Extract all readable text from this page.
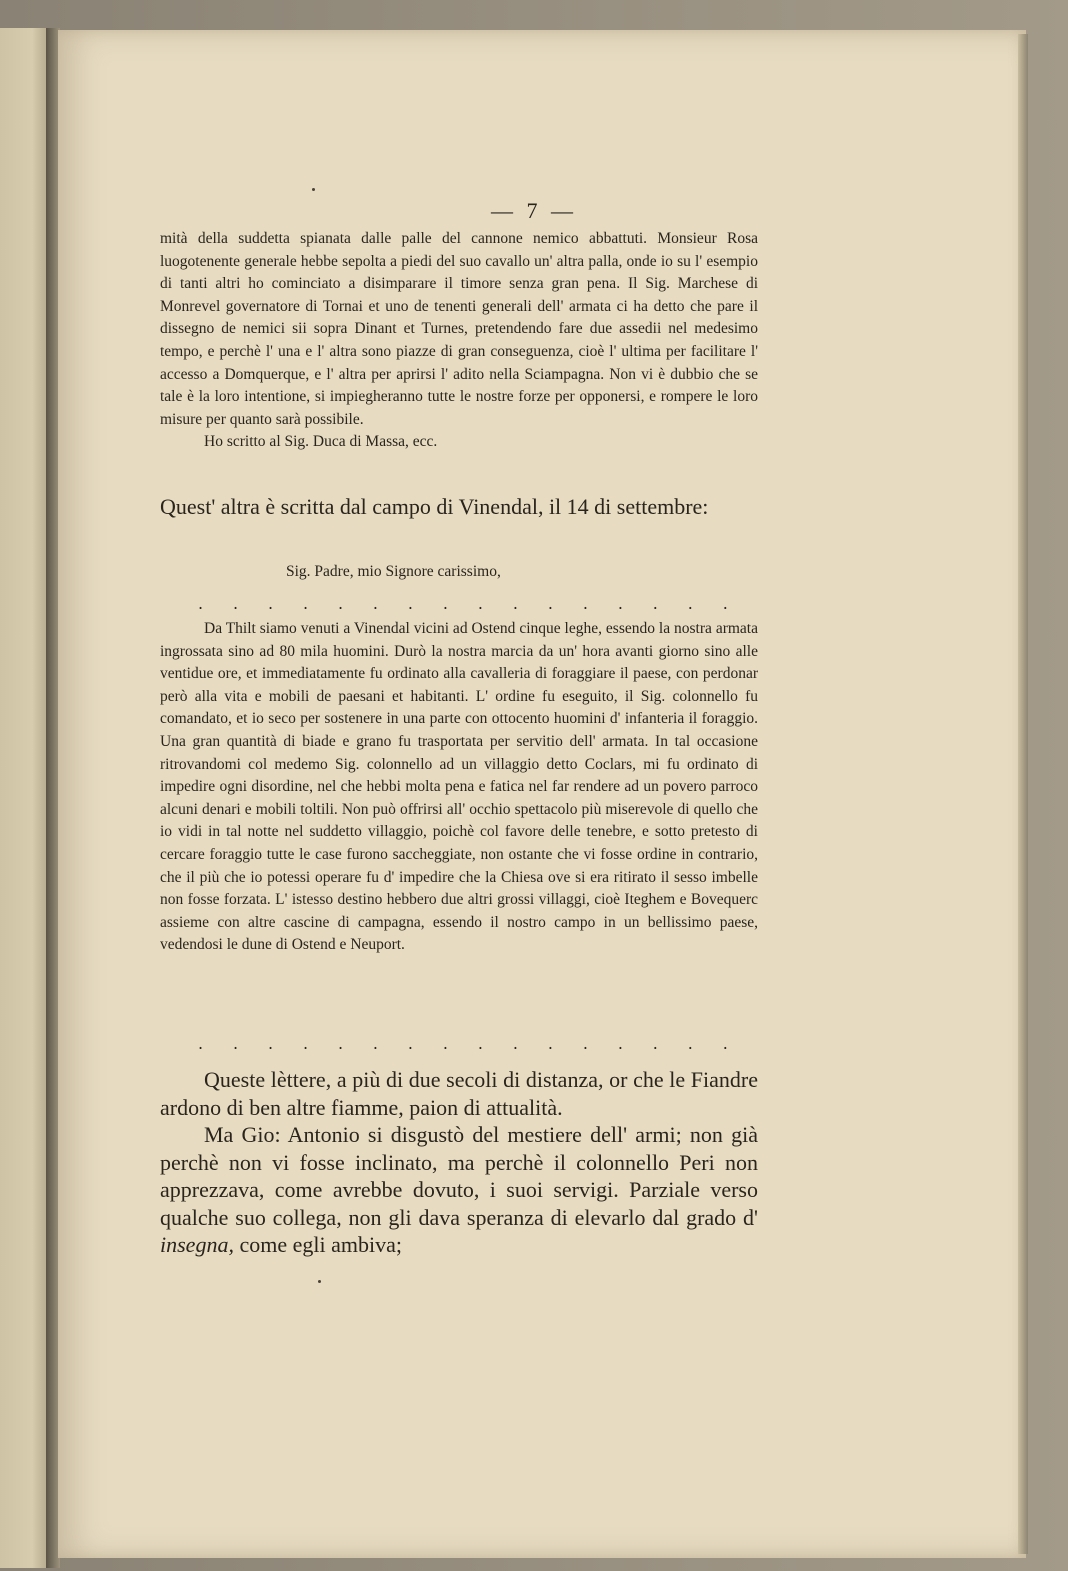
— 7 —

mità della suddetta spianata dalle palle del cannone nemico abbattuti. Monsieur Rosa luogotenente generale hebbe sepolta a piedi del suo cavallo un' altra palla, onde io su l' esempio di tanti altri ho cominciato a disimparare il timore senza gran pena. Il Sig. Marchese di Monrevel governatore di Tornai et uno de tenenti generali dell' armata ci ha detto che pare il dissegno de nemici sii sopra Dinant et Turnes, pretendendo fare due assedii nel medesimo tempo, e perchè l' una e l' altra sono piazze di gran conseguenza, cioè l' ultima per facilitare l' accesso a Domquerque, e l' altra per aprirsi l' adito nella Sciampagna. Non vi è dubbio che se tale è la loro intentione, si impiegheranno tutte le nostre forze per opponersi, e rompere le loro misure per quanto sarà possibile.

Ho scritto al Sig. Duca di Massa, ecc.

Quest' altra è scritta dal campo di Vinendal, il 14 di settembre:

Sig. Padre, mio Signore carissimo,
. . . . . . . . . . . . . . . .

Da Thilt siamo venuti a Vinendal vicini ad Ostend cinque leghe, essendo la nostra armata ingrossata sino ad 80 mila huomini. Durò la nostra marcia da un' hora avanti giorno sino alle ventidue ore, et immediatamente fu ordinato alla cavalleria di foraggiare il paese, con perdonar però alla vita e mobili de paesani et habitanti. L' ordine fu eseguito, il Sig. colonnello fu comandato, et io seco per sostenere in una parte con ottocento huomini d' infanteria il foraggio. Una gran quantità di biade e grano fu trasportata per servitio dell' armata. In tal occasione ritrovandomi col medemo Sig. colonnello ad un villaggio detto Coclars, mi fu ordinato di impedire ogni disordine, nel che hebbi molta pena e fatica nel far rendere ad un povero parroco alcuni denari e mobili toltili. Non può offrirsi all' occhio spettacolo più miserevole di quello che io vidi in tal notte nel suddetto villaggio, poichè col favore delle tenebre, e sotto pretesto di cercare foraggio tutte le case furono saccheggiate, non ostante che vi fosse ordine in contrario, che il più che io potessi operare fu d' impedire che la Chiesa ove si era ritirato il sesso imbelle non fosse forzata. L' istesso destino hebbero due altri grossi villaggi, cioè Iteghem e Bovequerc assieme con altre cascine di campagna, essendo il nostro campo in un bellissimo paese, vedendosi le dune di Ostend e Neuport.

. . . . . . . . . . . . . . . .

Queste lèttere, a più di due secoli di distanza, or che le Fiandre ardono di ben altre fiamme, paion di attualità.

Ma Gio: Antonio si disgustò del mestiere dell' armi; non già perchè non vi fosse inclinato, ma perchè il colonnello Peri non apprezzava, come avrebbe dovuto, i suoi servigi. Parziale verso qualche suo collega, non gli dava speranza di elevarlo dal grado d' insegna, come egli ambiva;
